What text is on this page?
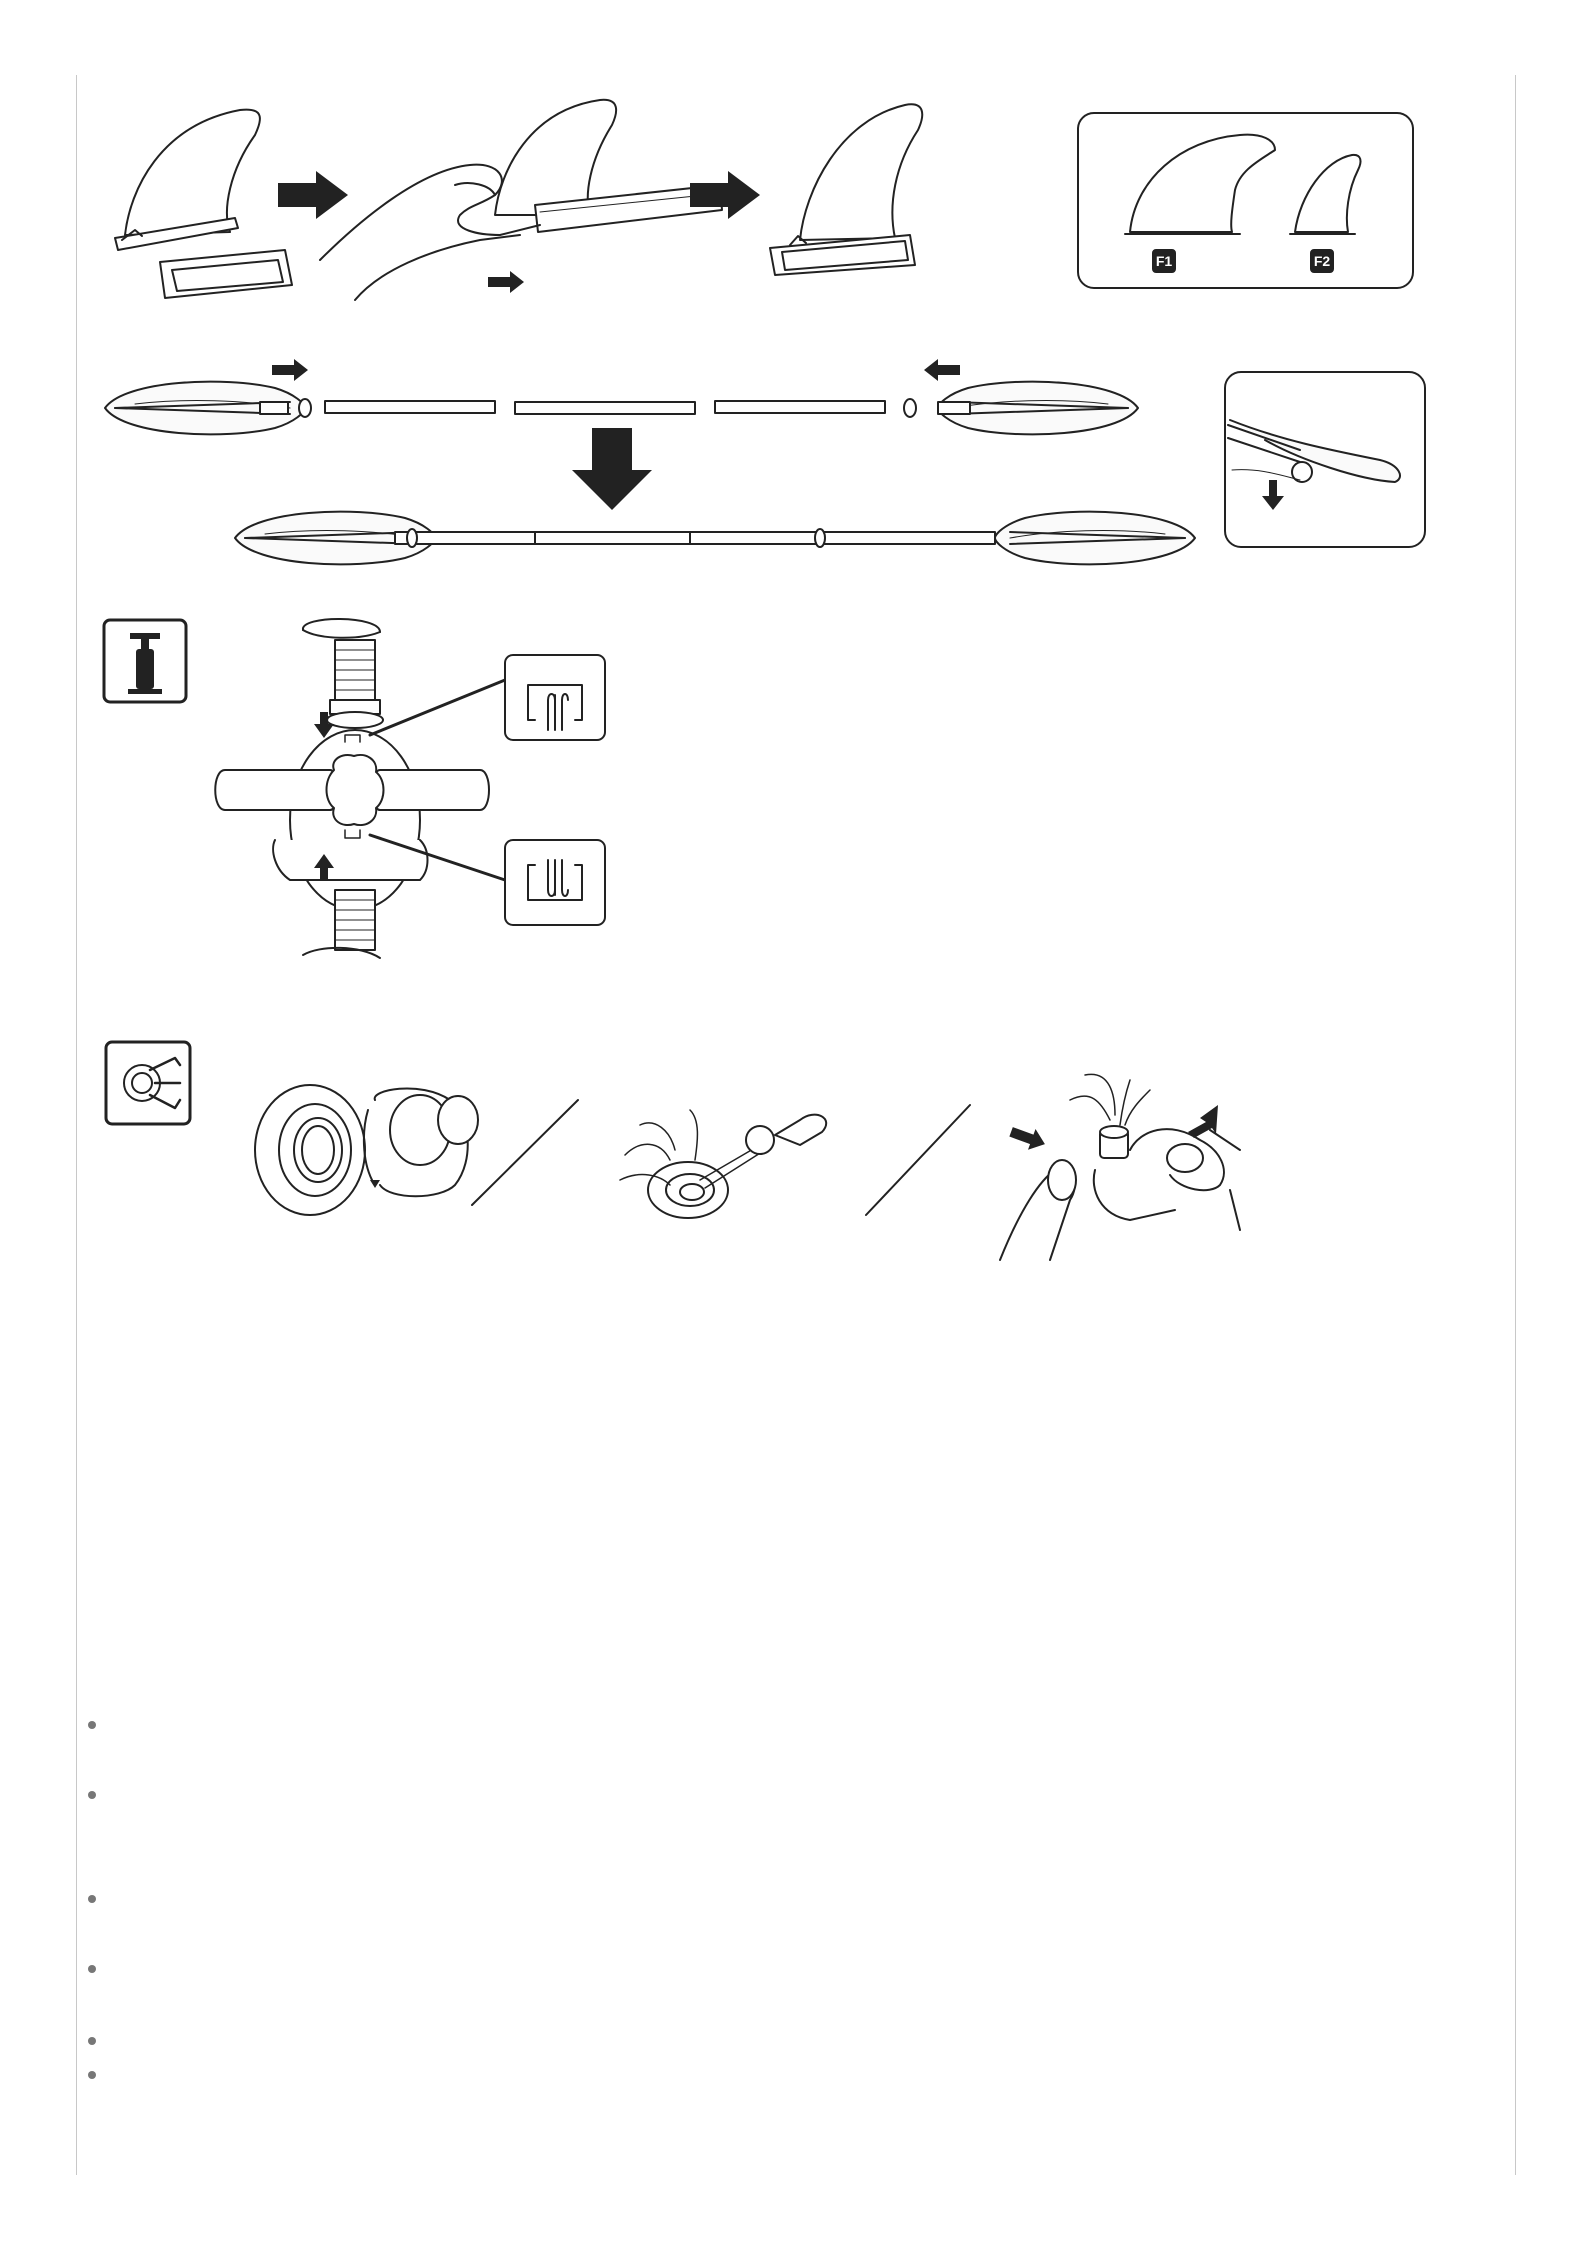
F1	F2
